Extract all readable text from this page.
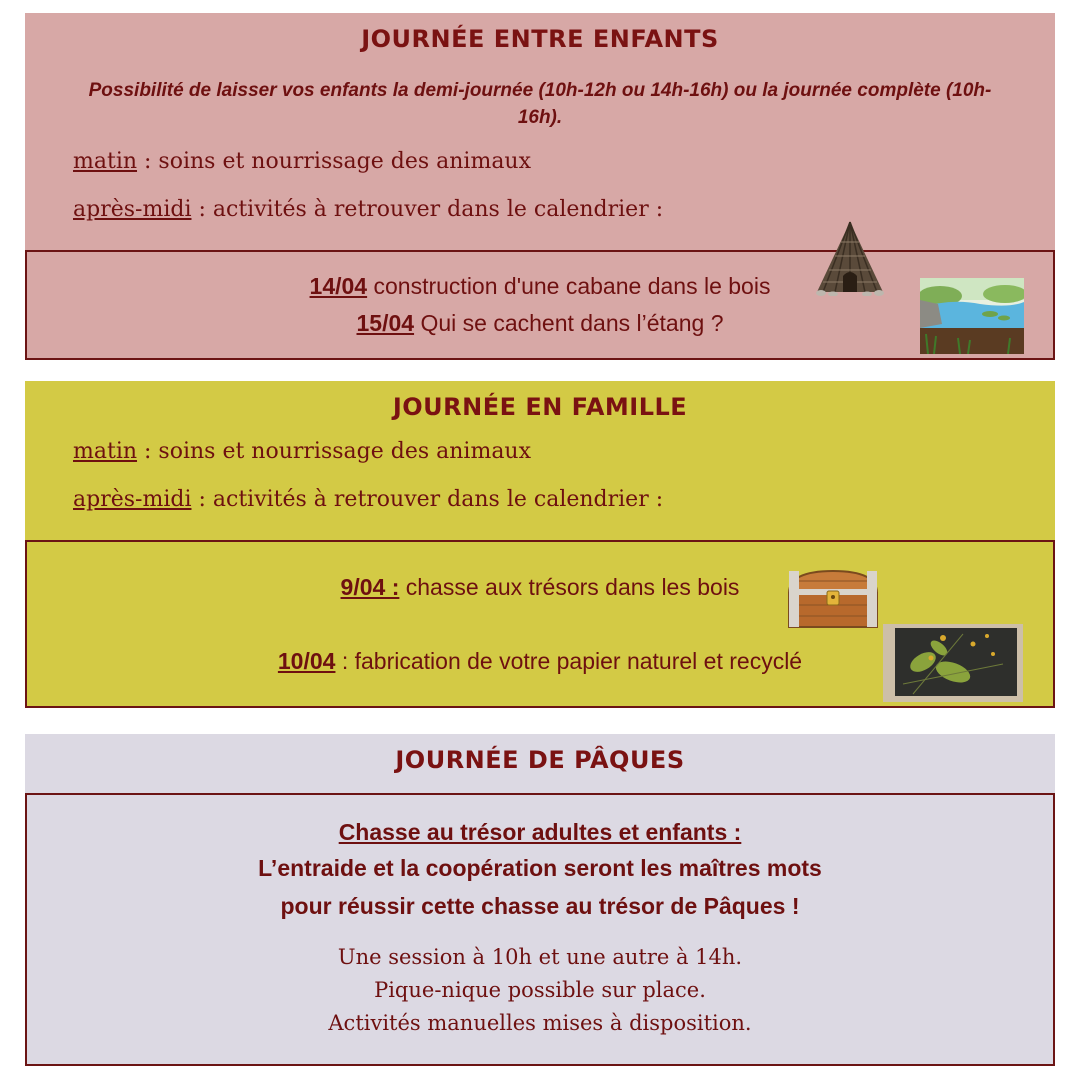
JOURNÉE ENTRE ENFANTS
Possibilité de laisser vos enfants la demi-journée (10h-12h ou 14h-16h) ou la journée complète (10h-16h).
matin : soins et nourrissage des animaux
après-midi : activités à retrouver dans le calendrier :
14/04 construction d'une cabane dans le bois
15/04 Qui se cachent dans l’étang ?
JOURNÉE EN FAMILLE
matin : soins et nourrissage des animaux
après-midi : activités à retrouver dans le calendrier :
9/04 : chasse aux trésors dans les bois
10/04 : fabrication de votre papier naturel et recyclé
JOURNÉE DE PÂQUES
Chasse au trésor adultes et enfants :
L’entraide et la coopération seront les maîtres mots
pour réussir cette chasse au trésor de Pâques !
Une session à 10h et une autre à 14h.
Pique-nique possible sur place.
Activités manuelles mises à disposition.
